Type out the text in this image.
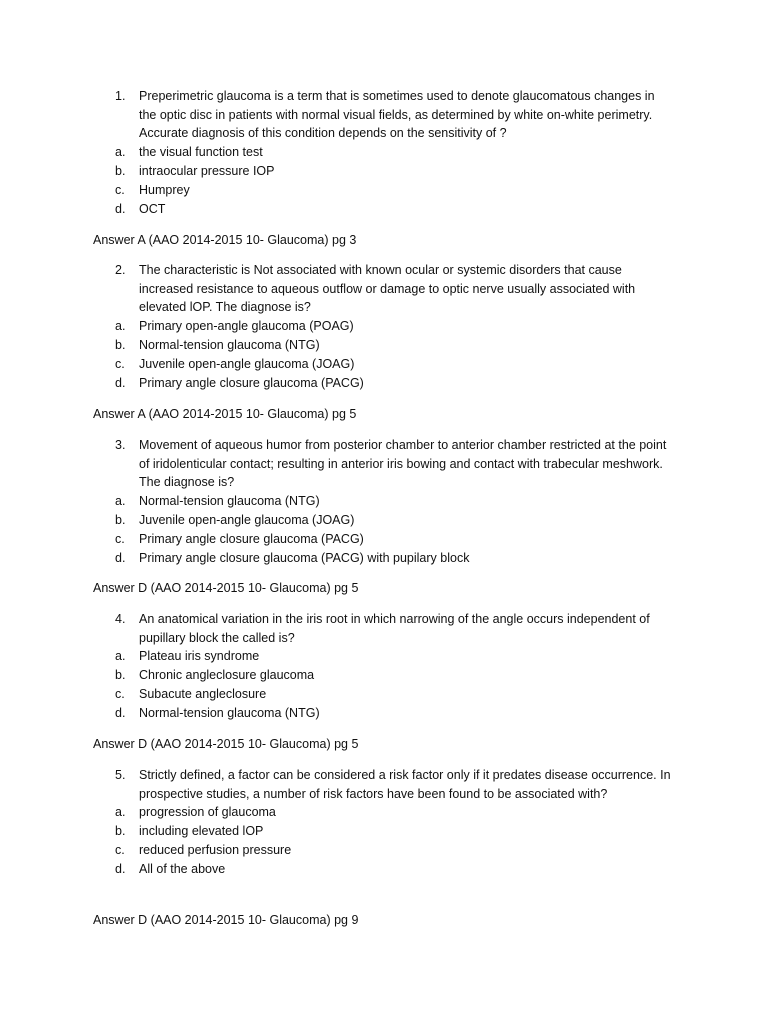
1.	Preperimetric glaucoma is a term that is sometimes used to denote glaucomatous changes in the optic disc in patients with normal visual fields, as determined by white on-white perimetry. Accurate diagnosis of this condition depends on the sensitivity of ?
a.	the visual function test
b.	intraocular pressure IOP
c.	Humprey
d.	OCT
Answer A (AAO 2014-2015 10- Glaucoma) pg 3
2.	The characteristic is Not associated with known ocular or systemic disorders that cause increased resistance to aqueous outflow or damage to optic nerve usually associated with elevated lOP. The diagnose is?
a.	Primary open-angle glaucoma (POAG)
b.	Normal-tension glaucoma (NTG)
c.	Juvenile open-angle glaucoma (JOAG)
d.	Primary angle closure glaucoma (PACG)
Answer A (AAO 2014-2015 10- Glaucoma) pg 5
3.	Movement of aqueous humor from posterior chamber to anterior chamber restricted at the point of iridolenticular contact; resulting in anterior iris bowing and contact with trabecular meshwork. The diagnose is?
a.	Normal-tension glaucoma (NTG)
b.	Juvenile open-angle glaucoma (JOAG)
c.	Primary angle closure glaucoma (PACG)
d.	Primary angle closure glaucoma (PACG) with pupilary block
Answer D (AAO 2014-2015 10- Glaucoma) pg 5
4.	An anatomical variation in the iris root in which narrowing of the angle occurs independent of pupillary block the called is?
a.	Plateau iris syndrome
b.	Chronic angleclosure glaucoma
c.	Subacute angleclosure
d.	Normal-tension glaucoma (NTG)
Answer D (AAO 2014-2015 10- Glaucoma) pg 5
5.	Strictly defined, a factor can be considered a risk factor only if it predates disease occurrence. In prospective studies, a number of risk factors have been found to be associated with?
a.	progression of glaucoma
b.	including elevated lOP
c.	reduced perfusion pressure
d.	All of the above
Answer D (AAO 2014-2015 10- Glaucoma) pg 9
